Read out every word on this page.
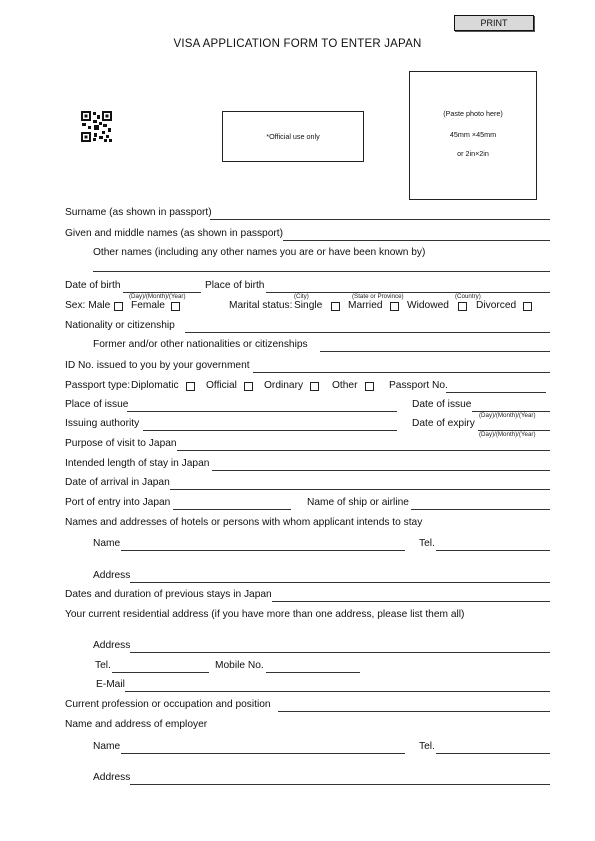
PRINT
VISA APPLICATION FORM TO ENTER JAPAN
*Official use only
(Paste photo here)
45mm ×45mm
or 2in×2in
Surname (as shown in passport)
Given and middle names (as shown in passport)
Other names (including any other names you are or have been known by)
Date of birth	Place of birth
(Day)/(Month)/(Year)	(City)	(State or Province)	(Country)
Sex: Male Female	Marital status: Single	Married Widowed	Divorced
Nationality or citizenship
Former and/or other nationalities or citizenships
ID No. issued to you by your government
Passport type: Diplomatic	Official	Ordinary	Other	Passport No.
Place of issue	Date of issue
(Day)/(Month)/(Year)
Issuing authority	Date of expiry
(Day)/(Month)/(Year)
Purpose of visit to Japan
Intended length of stay in Japan
Date of arrival in Japan
Port of entry into Japan	Name of ship or airline
Names and addresses of hotels or persons with whom applicant intends to stay
Name	Tel.
Address
Dates and duration of previous stays in Japan
Your current residential address (if you have more than one address, please list them all)
Address
Tel.	Mobile No.
E-Mail
Current profession or occupation and position
Name and address of employer
Name	Tel.
Address
